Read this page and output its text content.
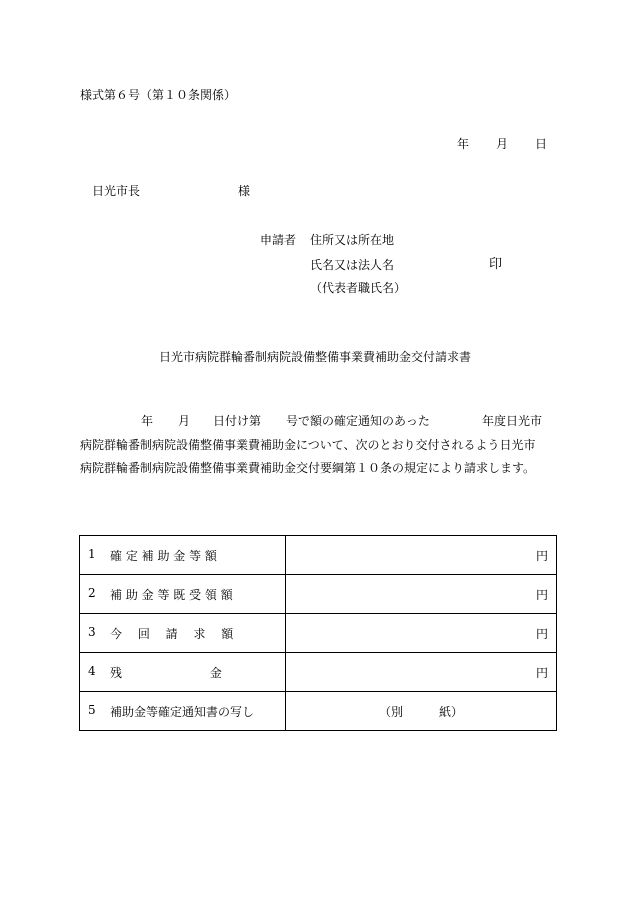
様式第６号（第１０条関係）
年 月 日
日光市長	様
申請者 住所又は所在地
氏名又は法人名	印
（代表者職氏名）
日光市病院群輪番制病院設備整備事業費補助金交付請求書
年 月 日付け第 号で額の確定通知のあった	年度日光市
病院群輪番制病院設備整備事業費補助金について、次のとおり交付されるよう日光市
病院群輪番制病院設備整備事業費補助金交付要綱第１０条の規定により請求します。
1 確 定 補 助 金 等 額	円

2 補 助 金 等 既 受 領 額	円

3 今　 回　 請　 求　 額	円

4 残　　　　　　　 金	円

5 補助金等確定通知書の写し	（別　　　紙）
